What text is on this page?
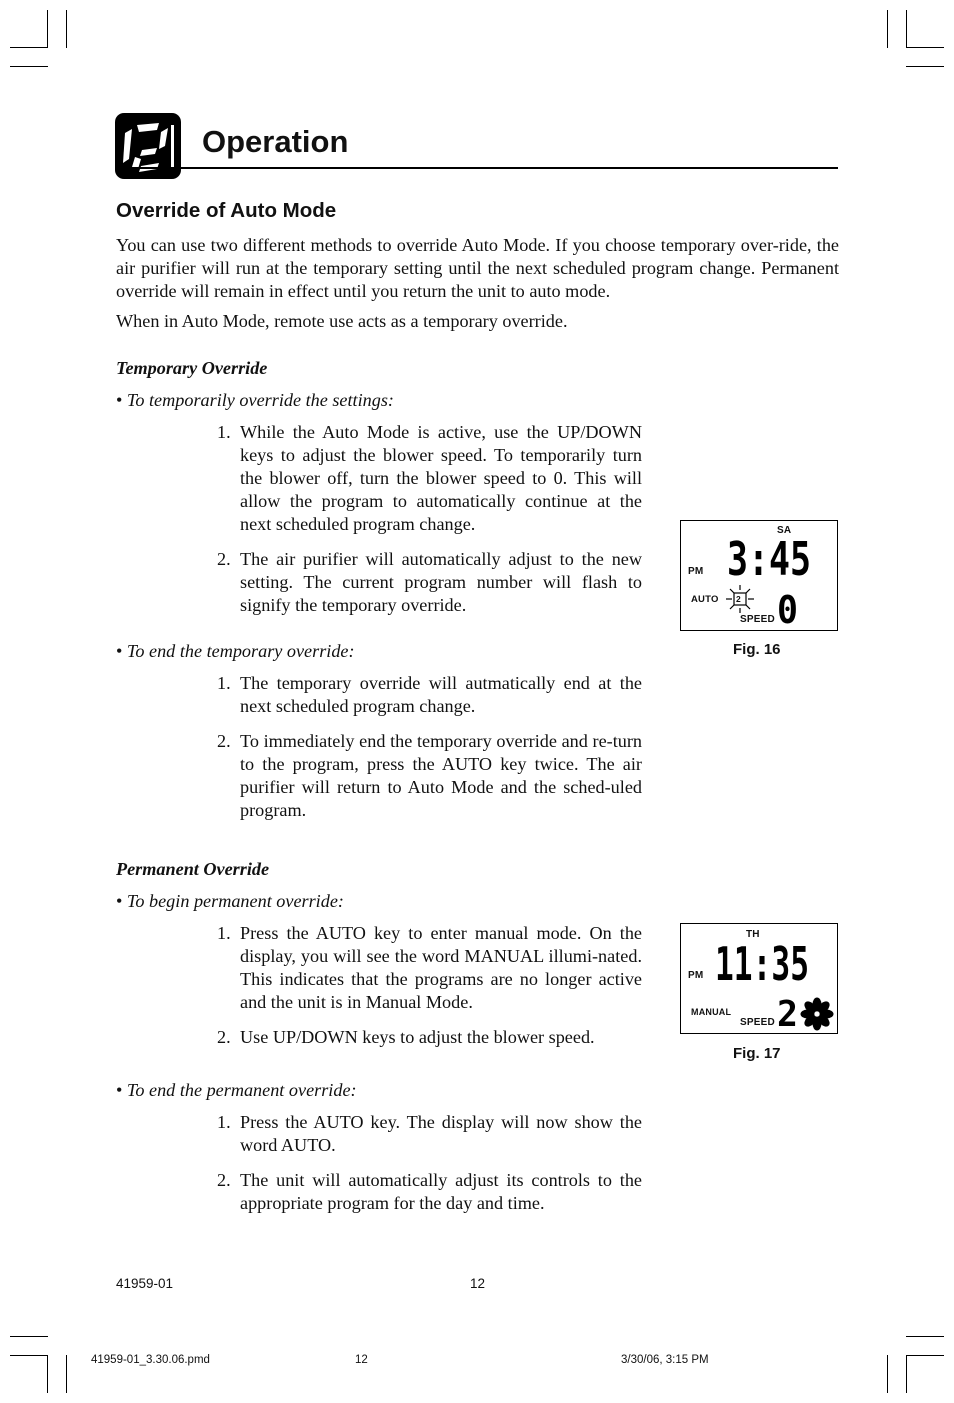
Operation
Override of Auto Mode

You can use two different methods to override Auto Mode. If you choose temporary over-ride, the air purifier will run at the temporary setting until the next scheduled program change. Permanent override will remain in effect until you return the unit to auto mode.

When in Auto Mode, remote use acts as a temporary override.

Temporary Override
• To temporarily override the settings:
1. While the Auto Mode is active, use the UP/DOWN keys to adjust the blower speed. To temporarily turn the blower off, turn the blower speed to 0. This will allow the program to automatically continue at the next scheduled program change.
2. The air purifier will automatically adjust to the new setting. The current program number will flash to signify the temporary override.
• To end the temporary override:
1. The temporary override will autmatically end at the next scheduled program change.
2. To immediately end the temporary override and re-turn to the program, press the AUTO key twice. The air purifier will return to Auto Mode and the sched-uled program.
Permanent Override
• To begin permanent override:
1. Press the AUTO key to enter manual mode. On the display, you will see the word MANUAL illumi-nated. This indicates that the programs are no longer active and the unit is in Manual Mode.
2. Use UP/DOWN keys to adjust the blower speed.
• To end the permanent override:
1. Press the AUTO key. The display will now show the word AUTO.
2. The unit will automatically adjust its controls to the appropriate program for the day and time.
SA
3:45
PM
AUTO 2
SPEED 0
Fig. 16
TH
11:35
PM
MANUAL
SPEED 2
Fig. 17
41959-01	12
41959-01_3.30.06.pmd	12	3/30/06, 3:15 PM
